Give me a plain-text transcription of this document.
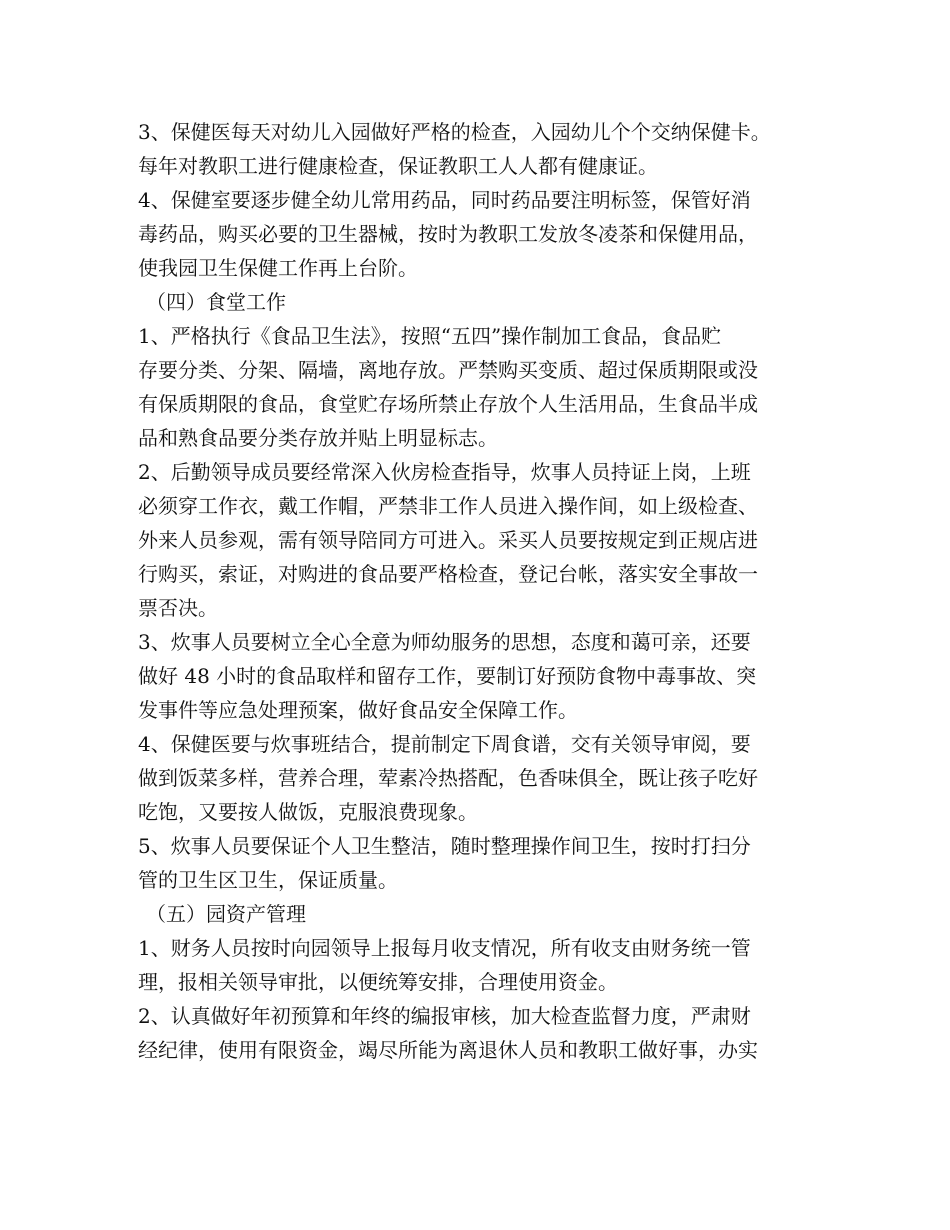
3、保健医每天对幼儿入园做好严格的检查，入园幼儿个个交纳保健卡。
每年对教职工进行健康检查，保证教职工人人都有健康证。
4、保健室要逐步健全幼儿常用药品，同时药品要注明标签，保管好消
毒药品，购买必要的卫生器械，按时为教职工发放冬凌茶和保健用品，
使我园卫生保健工作再上台阶。
（四）食堂工作
1、严格执行《食品卫生法》，按照“五四”操作制加工食品，食品贮
存要分类、分架、隔墙，离地存放。严禁购买变质、超过保质期限或没
有保质期限的食品，食堂贮存场所禁止存放个人生活用品，生食品半成
品和熟食品要分类存放并贴上明显标志。
2、后勤领导成员要经常深入伙房检查指导，炊事人员持证上岗，上班
必须穿工作衣，戴工作帽，严禁非工作人员进入操作间，如上级检查、
外来人员参观，需有领导陪同方可进入。采买人员要按规定到正规店进
行购买，索证，对购进的食品要严格检查，登记台帐，落实安全事故一
票否决。
3、炊事人员要树立全心全意为师幼服务的思想，态度和蔼可亲，还要
做好 48 小时的食品取样和留存工作，要制订好预防食物中毒事故、突
发事件等应急处理预案，做好食品安全保障工作。
4、保健医要与炊事班结合，提前制定下周食谱，交有关领导审阅，要
做到饭菜多样，营养合理，荤素冷热搭配，色香味俱全，既让孩子吃好
吃饱，又要按人做饭，克服浪费现象。
5、炊事人员要保证个人卫生整洁，随时整理操作间卫生，按时打扫分
管的卫生区卫生，保证质量。
（五）园资产管理
1、财务人员按时向园领导上报每月收支情况，所有收支由财务统一管
理，报相关领导审批，以便统筹安排，合理使用资金。
2、认真做好年初预算和年终的编报审核，加大检查监督力度，严肃财
经纪律，使用有限资金，竭尽所能为离退休人员和教职工做好事，办实
